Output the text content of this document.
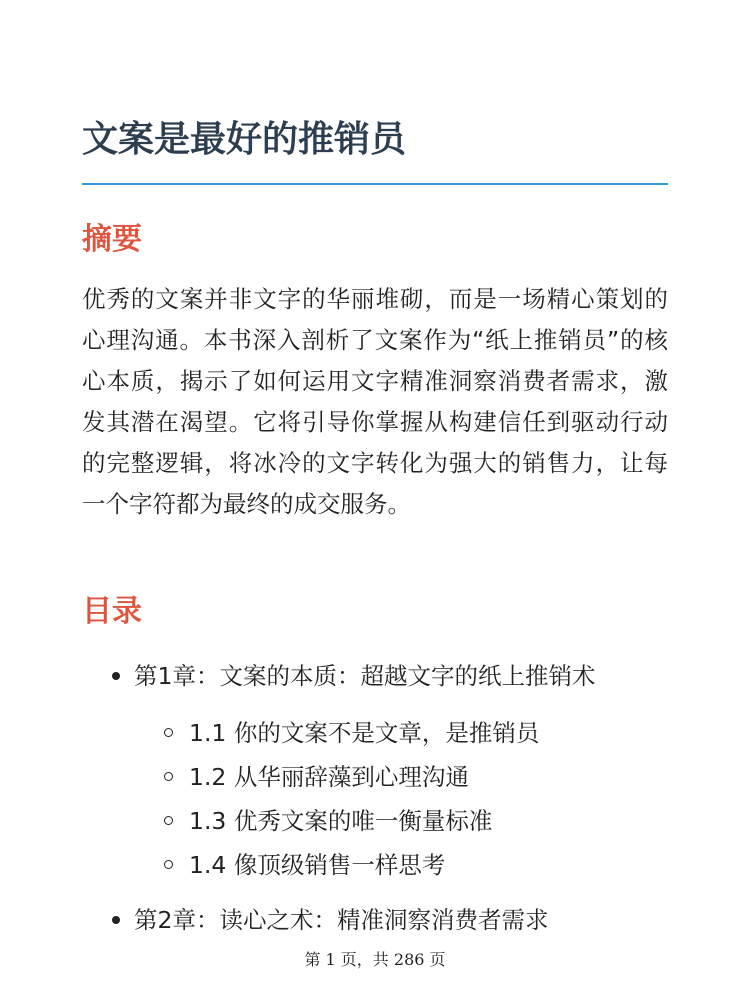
文案是最好的推销员
摘要

优秀的文案并非文字的华丽堆砌，而是一场精心策划的心理沟通。本书深入剖析了文案作为“纸上推销员”的核心本质，揭示了如何运用文字精准洞察消费者需求，激发其潜在渴望。它将引导你掌握从构建信任到驱动行动的完整逻辑，将冰冷的文字转化为强大的销售力，让每一个字符都为最终的成交服务。

目录
第1章：文案的本质：超越文字的纸上推销术
1.1 你的文案不是文章，是推销员
1.2 从华丽辞藻到心理沟通
1.3 优秀文案的唯一衡量标准
1.4 像顶级销售一样思考
第2章：读心之术：精准洞察消费者需求
第 1 页，共 286 页
